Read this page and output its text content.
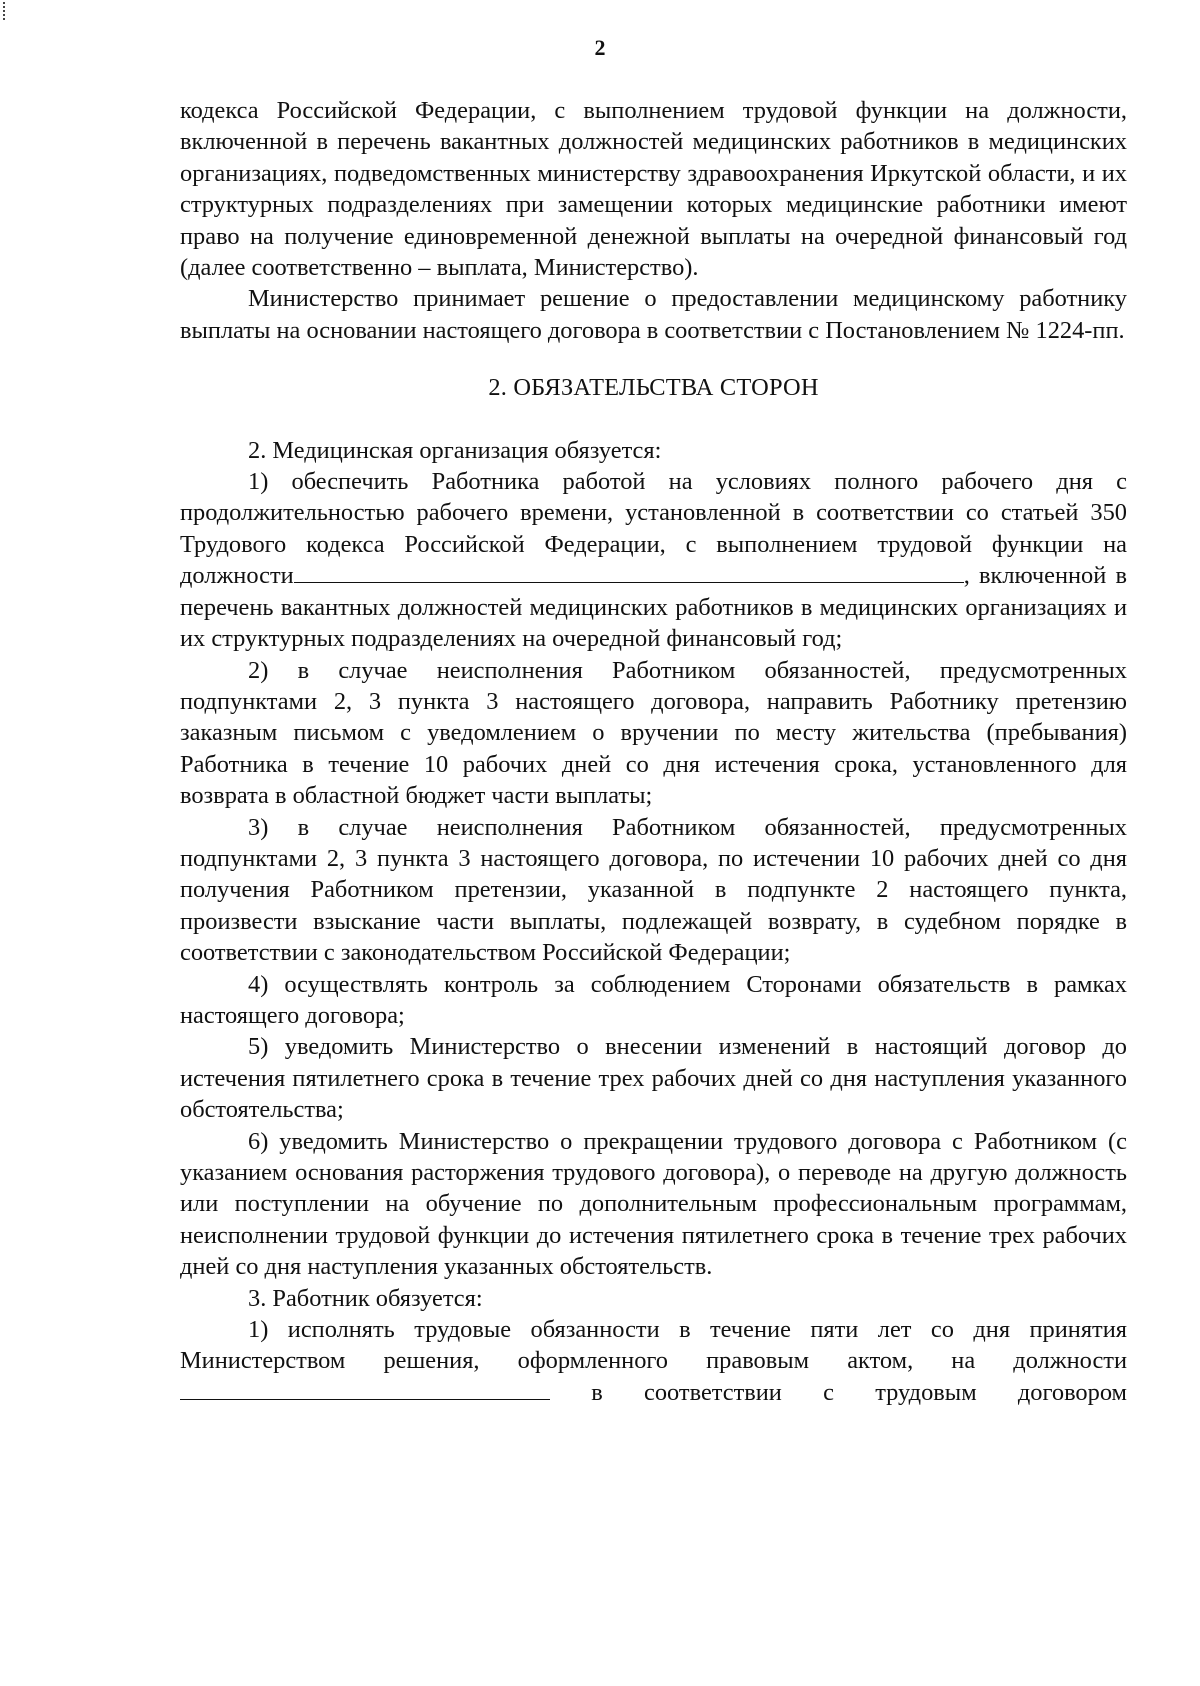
2

кодекса Российской Федерации, с выполнением трудовой функции на должности, включенной в перечень вакантных должностей медицинских работников в медицинских организациях, подведомственных министерству здравоохранения Иркутской области, и их структурных подразделениях при замещении которых медицинские работники имеют право на получение единовременной денежной выплаты на очередной финансовый год (далее соответственно – выплата, Министерство).

Министерство принимает решение о предоставлении медицинскому работнику выплаты на основании настоящего договора в соответствии с Постановлением № 1224-пп.

2. ОБЯЗАТЕЛЬСТВА СТОРОН

2. Медицинская организация обязуется:

1) обеспечить Работника работой на условиях полного рабочего дня с продолжительностью рабочего времени, установленной в соответствии со статьей 350 Трудового кодекса Российской Федерации, с выполнением трудовой функции на должности	, включенной в перечень вакантных должностей медицинских работников в медицинских организациях и их структурных подразделениях на очередной финансовый год;

2) в случае неисполнения Работником обязанностей, предусмотренных подпунктами 2, 3 пункта 3 настоящего договора, направить Работнику претензию заказным письмом с уведомлением о вручении по месту жительства (пребывания) Работника в течение 10 рабочих дней со дня истечения срока, установленного для возврата в областной бюджет части выплаты;

3) в случае неисполнения Работником обязанностей, предусмотренных подпунктами 2, 3 пункта 3 настоящего договора, по истечении 10 рабочих дней со дня получения Работником претензии, указанной в подпункте 2 настоящего пункта, произвести взыскание части выплаты, подлежащей возврату, в судебном порядке в соответствии с законодательством Российской Федерации;

4) осуществлять контроль за соблюдением Сторонами обязательств в рамках настоящего договора;

5) уведомить Министерство о внесении изменений в настоящий договор до истечения пятилетнего срока в течение трех рабочих дней со дня наступления указанного обстоятельства;

6) уведомить Министерство о прекращении трудового договора с Работником (с указанием основания расторжения трудового договора), о переводе на другую должность или поступлении на обучение по дополнительным профессиональным программам, неисполнении трудовой функции до истечения пятилетнего срока в течение трех рабочих дней со дня наступления указанных обстоятельств.

3. Работник обязуется:

1) исполнять трудовые обязанности в течение пяти лет со дня принятия Министерством решения, оформленного правовым актом, на должности  в соответствии с трудовым договором
